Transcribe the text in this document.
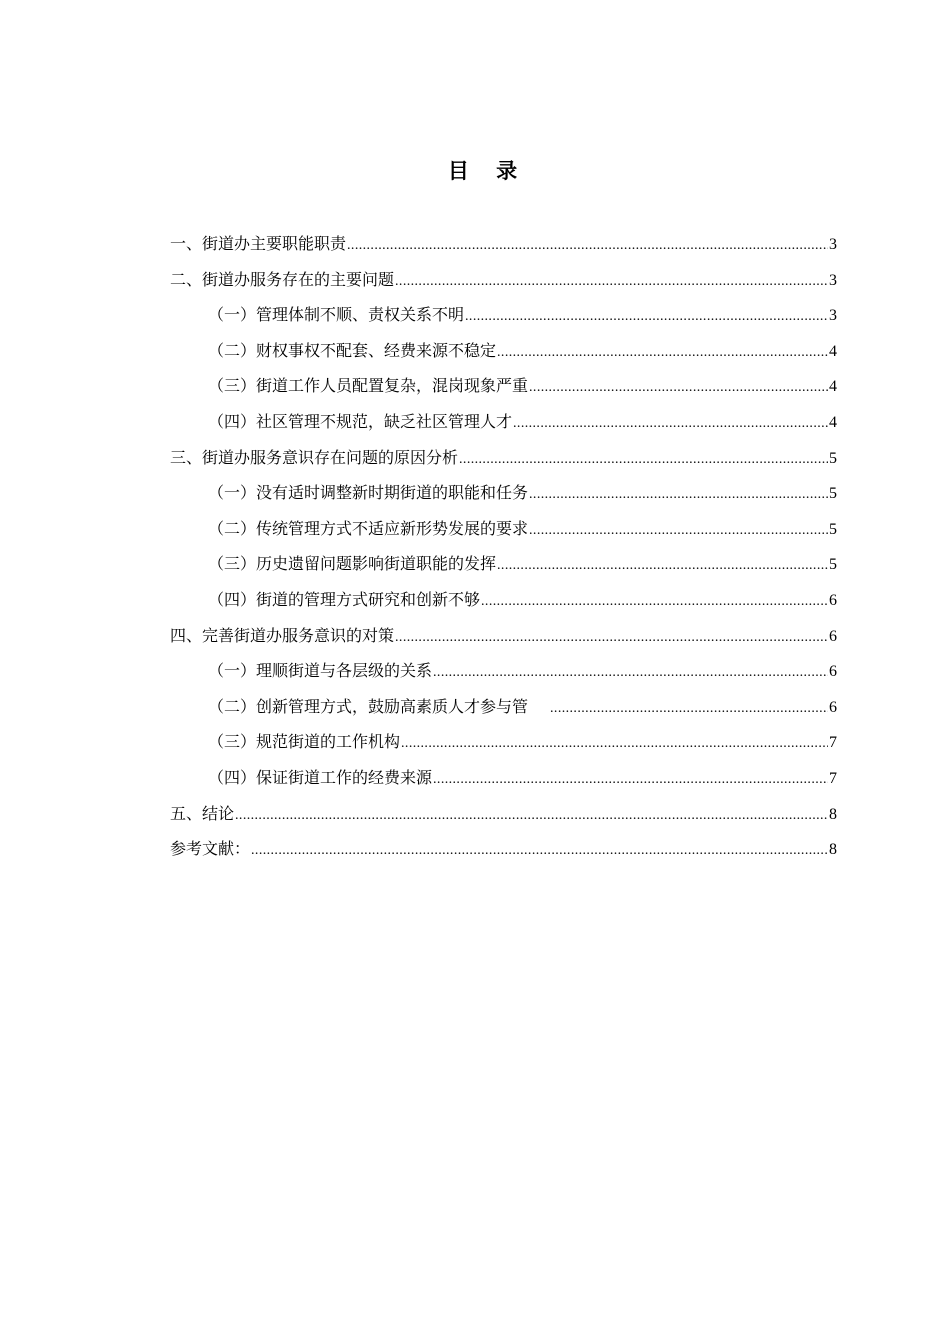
目 录
一、街道办主要职能职责 .....	3
二、街道办服务存在的主要问题 .....	3
（一）管理体制不顺、责权关系不明 .....	3
（二）财权事权不配套、经费来源不稳定 .....	4
（三）街道工作人员配置复杂，混岗现象严重 .....	4
（四）社区管理不规范，缺乏社区管理人才 .....	4
三、街道办服务意识存在问题的原因分析 .....	5
（一）没有适时调整新时期街道的职能和任务 .....	5
（二）传统管理方式不适应新形势发展的要求 .....	5
（三）历史遗留问题影响街道职能的发挥 .....	5
（四）街道的管理方式研究和创新不够 .....	6
四、完善街道办服务意识的对策 .....	6
（一）理顺街道与各层级的关系 .....	6
（二）创新管理方式，鼓励高素质人才参与管 .....	6
（三）规范街道的工作机构 .....	7
（四）保证街道工作的经费来源 .....	7
五、结论 .....	8
参考文献： .....	8
